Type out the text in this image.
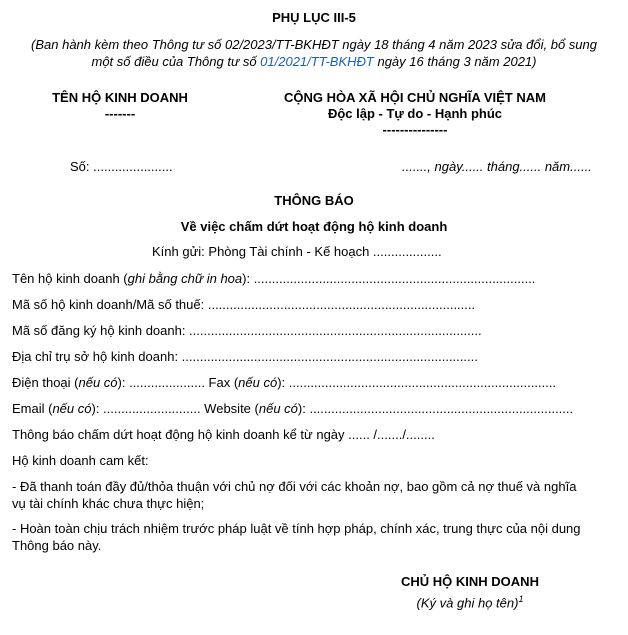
PHỤ LỤC III-5
(Ban hành kèm theo Thông tư số 02/2023/TT-BKHĐT ngày 18 tháng 4 năm 2023 sửa đổi, bổ sung
một số điều của Thông tư số 01/2021/TT-BKHĐT ngày 16 tháng 3 năm 2021)
TÊN HỘ KINH DOANH
-------
CỘNG HÒA XÃ HỘI CHỦ NGHĨA VIỆT NAM
Độc lập - Tự do - Hạnh phúc
---------------
Số: ......................	......., ngày...... tháng...... năm......
THÔNG BÁO
Về việc chấm dứt hoạt động hộ kinh doanh
Kính gửi: Phòng Tài chính - Kế hoạch ...................
Tên hộ kinh doanh (ghi bằng chữ in hoa): ..............................................................................
Mã số hộ kinh doanh/Mã số thuế: ..........................................................................
Mã số đăng ký hộ kinh doanh: .................................................................................
Địa chỉ trụ sở hộ kinh doanh: ..................................................................................
Điện thoại (nếu có): ..................... Fax (nếu có): ..........................................................................
Email (nếu có): ........................... Website (nếu có): .........................................................................
Thông báo chấm dứt hoạt động hộ kinh doanh kể từ ngày ...... /......./........
Hộ kinh doanh cam kết:
- Đã thanh toán đầy đủ/thỏa thuận với chủ nợ đối với các khoản nợ, bao gồm cả nợ thuế và nghĩa
vụ tài chính khác chưa thực hiện;
- Hoàn toàn chịu trách nhiệm trước pháp luật về tính hợp pháp, chính xác, trung thực của nội dung
Thông báo này.
CHỦ HỘ KINH DOANH
(Ký và ghi họ tên)$^1$
